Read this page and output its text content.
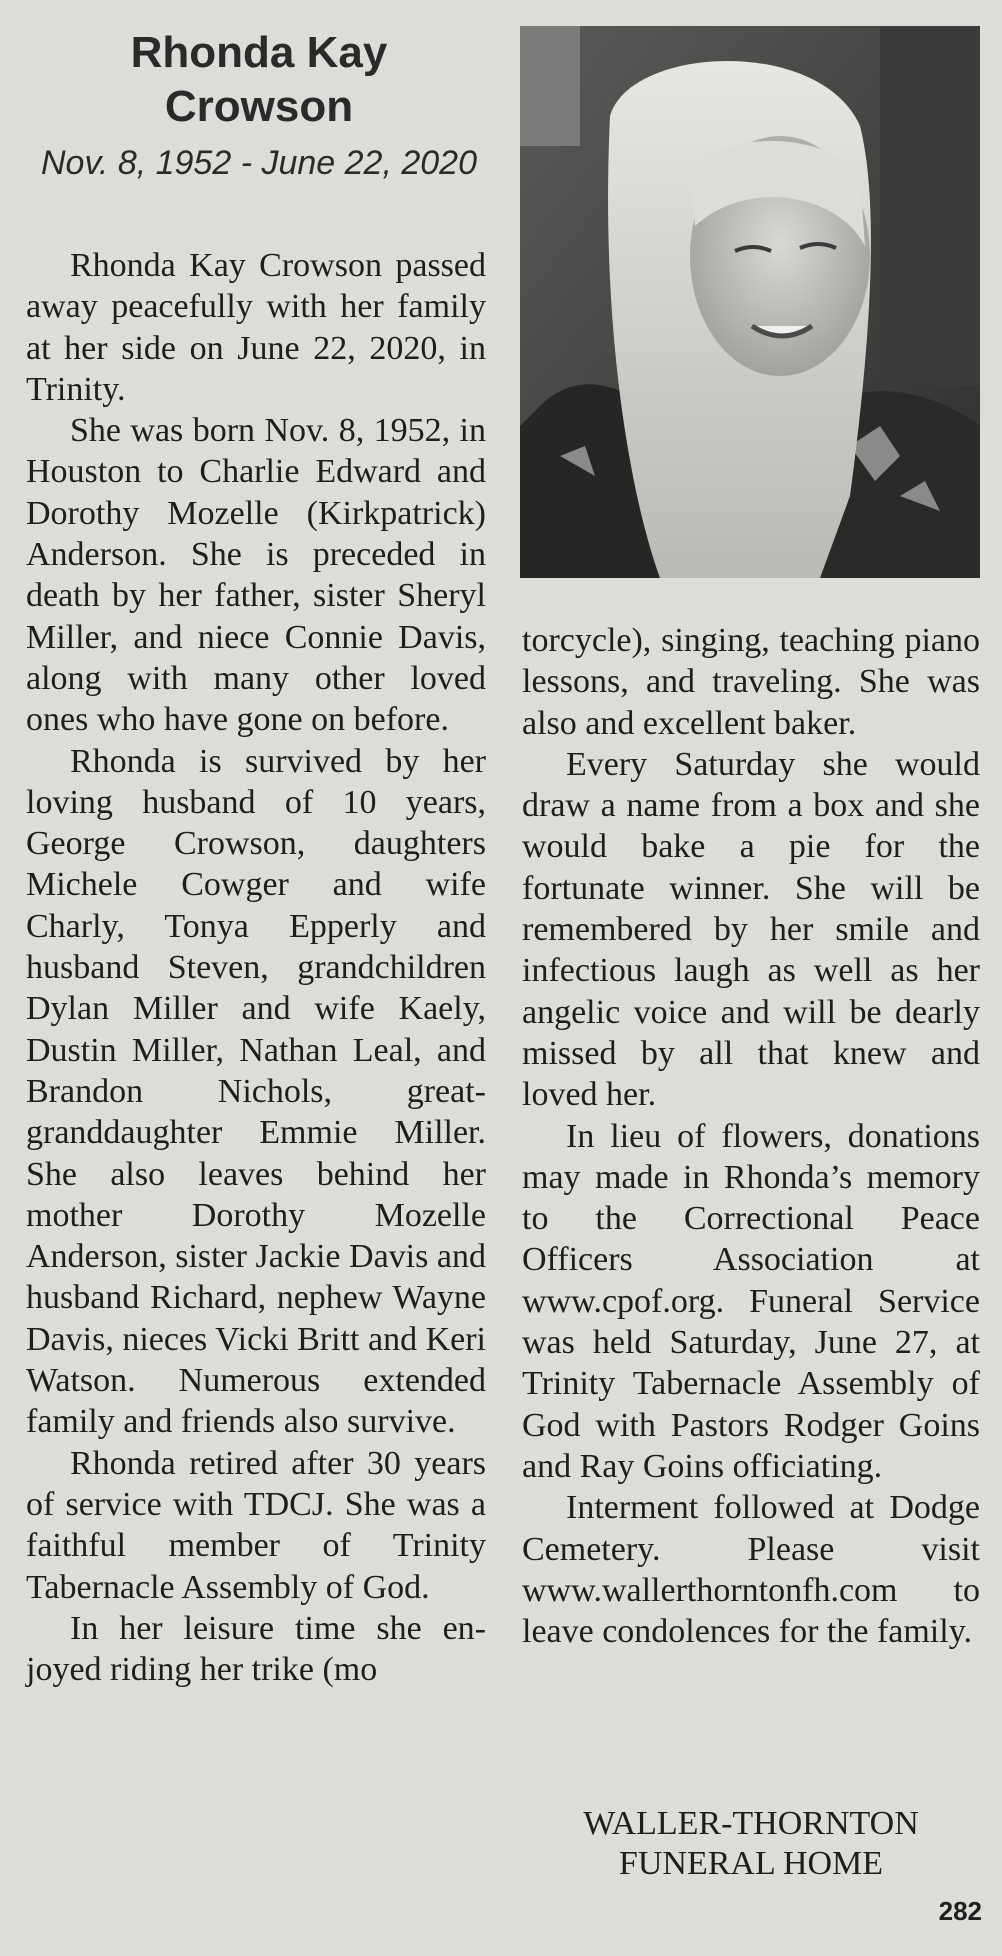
Rhonda Kay
Crowson
Nov. 8, 1952 - June 22, 2020

Rhonda Kay Crowson passed away peacefully with her family at her side on June 22, 2020, in Trinity.

She was born Nov. 8, 1952, in Houston to Charlie Edward and Dorothy Mozelle (Kirkpatrick) Anderson. She is preceded in death by her father, sister Sheryl Miller, and niece Connie Davis, along with many other loved ones who have gone on before.

Rhonda is survived by her loving husband of 10 years, George Crowson, daughters Michele Cowger and wife Charly, Tonya Epperly and husband Steven, grandchildren Dylan Miller and wife Kaely, Dustin Miller, Nathan Leal, and Brandon Nichols, great-granddaughter Emmie Miller. She also leaves behind her mother Dorothy Mozelle Anderson, sister Jackie Davis and husband Richard, nephew Wayne Davis, nieces Vicki Britt and Keri Watson. Numerous extended family and friends also survive.

Rhonda retired after 30 years of service with TDCJ. She was a faithful member of Trinity Tabernacle Assembly of God.

In her leisure time she enjoyed riding her trike (mo

torcycle), singing, teaching piano lessons, and traveling. She was also and excellent baker.

Every Saturday she would draw a name from a box and she would bake a pie for the fortunate winner. She will be remembered by her smile and infectious laugh as well as her angelic voice and will be dearly missed by all that knew and loved her.

In lieu of flowers, donations may made in Rhonda’s memory to the Correctional Peace Officers Association at www.cpof.org. Funeral Service was held Saturday, June 27, at Trinity Tabernacle Assembly of God with Pastors Rodger Goins and Ray Goins officiating.

Interment followed at Dodge Cemetery. Please visit www.wallerthorntonfh.com to leave condolences for the family.

WALLER-THORNTON
FUNERAL HOME
282
